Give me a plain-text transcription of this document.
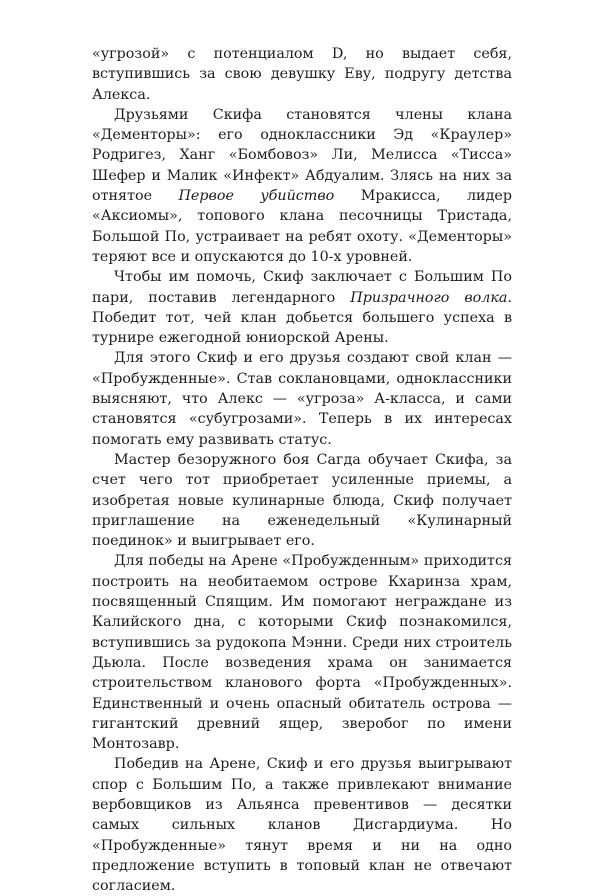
«угрозой» с потенциалом D, но выдает себя, вступившись за свою девушку Еву, подругу детства Алекса.

Друзьями Скифа становятся члены клана «Дементоры»: его одноклассники Эд «Краулер» Родригез, Ханг «Бомбовоз» Ли, Мелисса «Тисса» Шефер и Малик «Инфект» Абдуалим. Злясь на них за отнятое Первое убийство Мракисса, лидер «Аксиомы», топового клана песочницы Тристада, Большой По, устраивает на ребят охоту. «Дементоры» теряют все и опускаются до 10-х уровней.

Чтобы им помочь, Скиф заключает с Большим По пари, поставив легендарного Призрачного волка. Победит тот, чей клан добьется большего успеха в турнире ежегодной юниорской Арены.

Для этого Скиф и его друзья создают свой клан — «Пробужденные». Став соклановцами, одноклассники выясняют, что Алекс — «угроза» А-класса, и сами становятся «субугрозами». Теперь в их интересах помогать ему развивать статус.

Мастер безоружного боя Сагда обучает Скифа, за счет чего тот приобретает усиленные приемы, а изобретая новые кулинарные блюда, Скиф получает приглашение на еженедельный «Кулинарный поединок» и выигрывает его.

Для победы на Арене «Пробужденным» приходится построить на необитаемом острове Кхаринза храм, посвященный Спящим. Им помогают неграждане из Калийского дна, с которыми Скиф познакомился, вступившись за рудокопа Мэнни. Среди них строитель Дьюла. После возведения храма он занимается строительством кланового форта «Пробужденных». Единственный и очень опасный обитатель острова — гигантский древний ящер, зверобог по имени Монтозавр.

Победив на Арене, Скиф и его друзья выигрывают спор с Большим По, а также привлекают внимание вербовщиков из Альянса превентивов — десятки самых сильных кланов Дисгардиума. Но «Пробужденные» тянут время и ни на одно предложение вступить в топовый клан не отвечают согласием.
